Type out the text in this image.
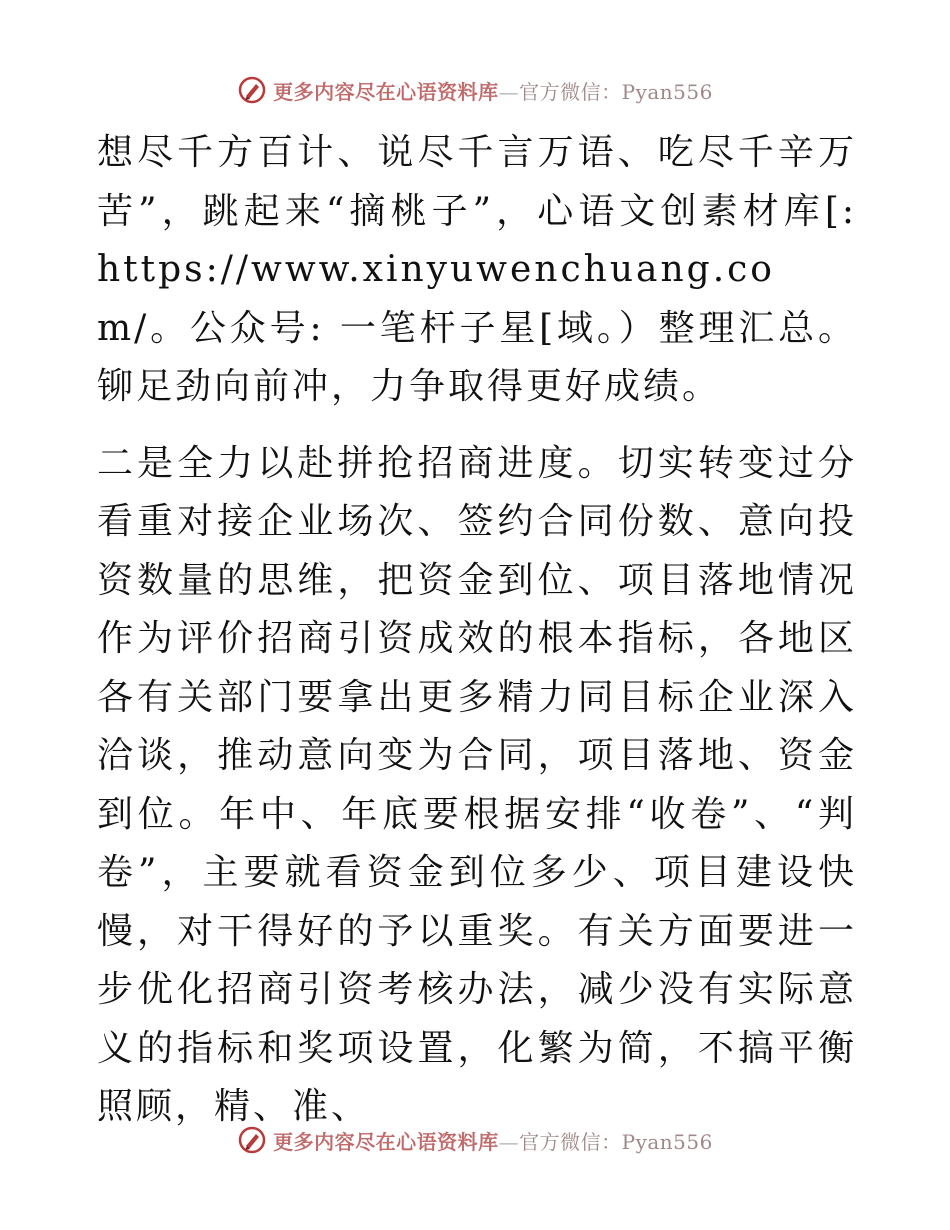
更多内容尽在心语资料库—官方微信：Pyan556

想尽千方百计、说尽千言万语、吃尽千辛万苦”，跳起来“摘桃子”，心语文创素材库[: https://www.xinyuwenchuang.com/。公众号: 一笔杆子星[域。）整理汇总。铆足劲向前冲，力争取得更好成绩。

二是全力以赴拼抢招商进度。切实转变过分看重对接企业场次、签约合同份数、意向投资数量的思维，把资金到位、项目落地情况作为评价招商引资成效的根本指标，各地区各有关部门要拿出更多精力同目标企业深入洽谈，推动意向变为合同，项目落地、资金到位。年中、年底要根据安排“收卷”、“判卷”，主要就看资金到位多少、项目建设快慢，对干得好的予以重奖。有关方面要进一步优化招商引资考核办法，减少没有实际意义的指标和奖项设置，化繁为简，不搞平衡照顾，精、准、

更多内容尽在心语资料库—官方微信：Pyan556
